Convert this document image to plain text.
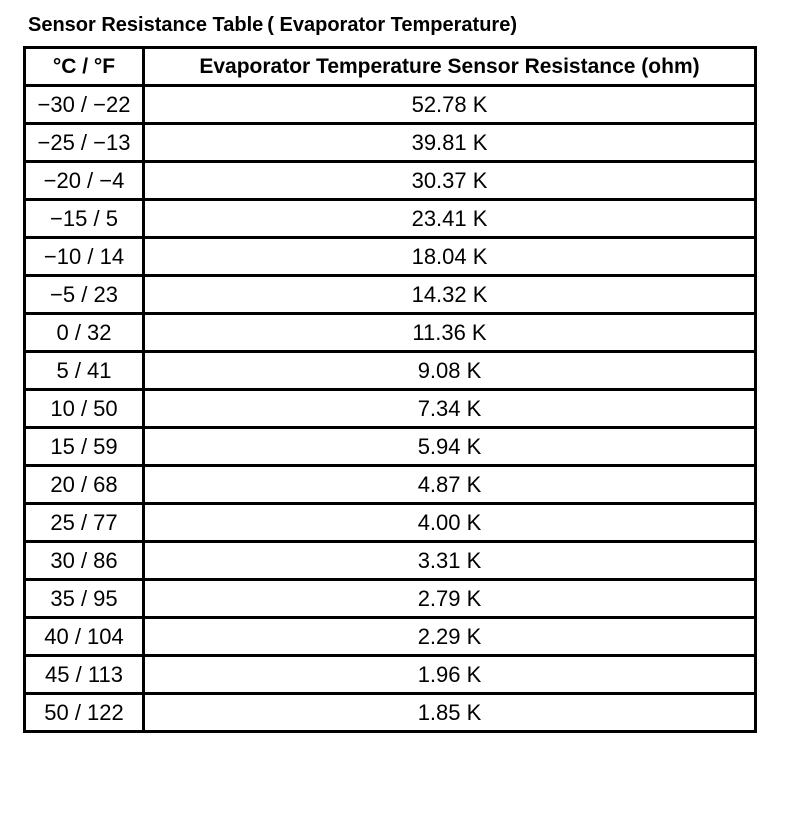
Sensor Resistance Table ( Evaporator Temperature)
°C / °F	Evaporator Temperature Sensor Resistance (ohm)
−30 / −22	52.78 K
−25 / −13	39.81 K
−20 / −4	30.37 K
−15 / 5	23.41 K
−10 / 14	18.04 K
−5 / 23	14.32 K
0 / 32	11.36 K
5 / 41	9.08 K
10 / 50	7.34 K
15 / 59	5.94 K
20 / 68	4.87 K
25 / 77	4.00 K
30 / 86	3.31 K
35 / 95	2.79 K
40 / 104	2.29 K
45 / 113	1.96 K
50 / 122	1.85 K
